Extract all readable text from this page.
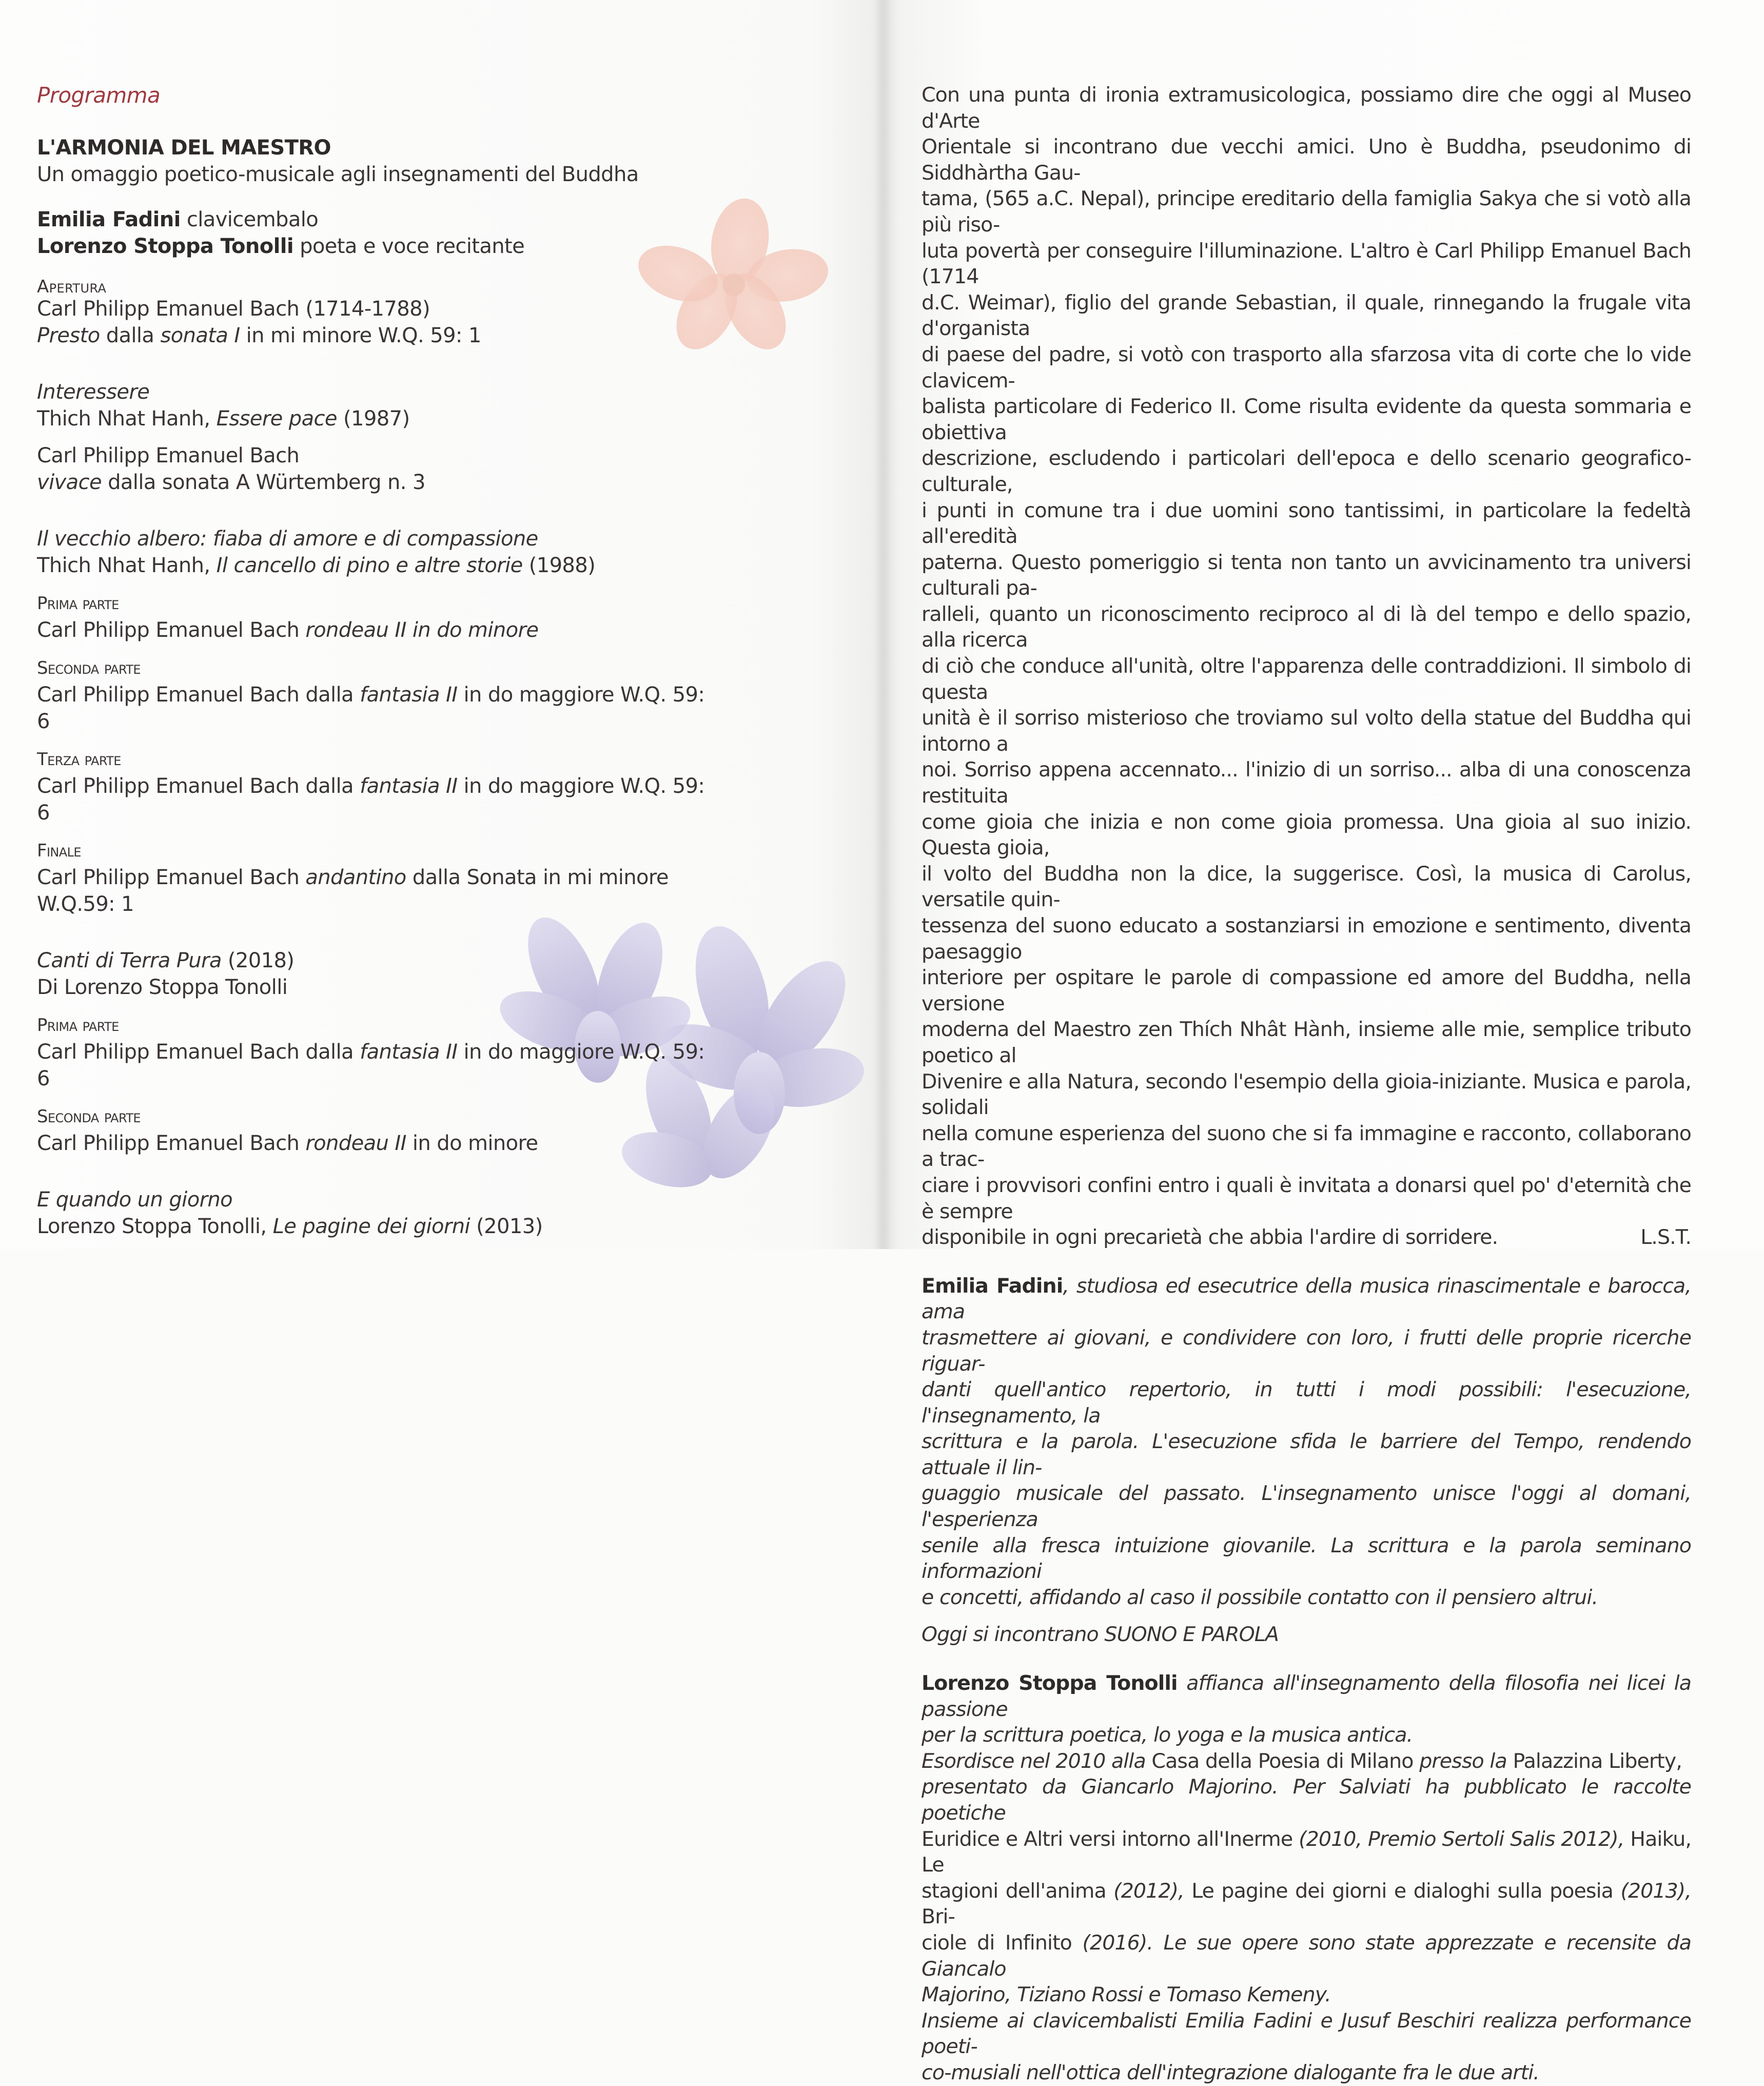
Programma

L'ARMONIA DEL MAESTRO

Un omaggio poetico-musicale agli insegnamenti del Buddha

Emilia Fadini clavicembalo

Lorenzo Stoppa Tonolli poeta e voce recitante

Apertura

Carl Philipp Emanuel Bach (1714-1788)

Presto dalla sonata I in mi minore W.Q. 59: 1

Interessere

Thich Nhat Hanh, Essere pace (1987)

Carl Philipp Emanuel Bach

vivace dalla sonata A Würtemberg n. 3

Il vecchio albero: fiaba di amore e di compassione

Thich Nhat Hanh, Il cancello di pino e altre storie (1988)

Prima parte

Carl Philipp Emanuel Bach rondeau II in do minore

Seconda parte

Carl Philipp Emanuel Bach dalla fantasia II in do maggiore W.Q. 59: 6

Terza parte

Carl Philipp Emanuel Bach dalla fantasia II in do maggiore W.Q. 59: 6

Finale

Carl Philipp Emanuel Bach andantino dalla Sonata in mi minore W.Q.59: 1

Canti di Terra Pura (2018)

Di Lorenzo Stoppa Tonolli

Prima parte

Carl Philipp Emanuel Bach dalla fantasia II in do maggiore W.Q. 59: 6

Seconda parte

Carl Philipp Emanuel Bach rondeau II in do minore

E quando un giorno

Lorenzo Stoppa Tonolli, Le pagine dei giorni (2013)

Con una punta di ironia extramusicologica, possiamo dire che oggi al Museo d'Arte

Orientale si incontrano due vecchi amici. Uno è Buddha, pseudonimo di Siddhàrtha Gau-

tama, (565 a.C. Nepal), principe ereditario della famiglia Sakya che si votò alla più riso-

luta povertà per conseguire l'illuminazione. L'altro è Carl Philipp Emanuel Bach (1714

d.C. Weimar), figlio del grande Sebastian, il quale, rinnegando la frugale vita d'organista

di paese del padre, si votò con trasporto alla sfarzosa vita di corte che lo vide clavicem-

balista particolare di Federico II. Come risulta evidente da questa sommaria e obiettiva

descrizione, escludendo i particolari dell'epoca e dello scenario geografico-culturale,

i punti in comune tra i due uomini sono tantissimi, in particolare la fedeltà all'eredità

paterna. Questo pomeriggio si tenta non tanto un avvicinamento tra universi culturali pa-

ralleli, quanto un riconoscimento reciproco al di là del tempo e dello spazio, alla ricerca

di ciò che conduce all'unità, oltre l'apparenza delle contraddizioni. Il simbolo di questa

unità è il sorriso misterioso che troviamo sul volto della statue del Buddha qui intorno a

noi. Sorriso appena accennato... l'inizio di un sorriso... alba di una conoscenza restituita

come gioia che inizia e non come gioia promessa. Una gioia al suo inizio. Questa gioia,

il volto del Buddha non la dice, la suggerisce. Così, la musica di Carolus, versatile quin-

tessenza del suono educato a sostanziarsi in emozione e sentimento, diventa paesaggio

interiore per ospitare le parole di compassione ed amore del Buddha, nella versione

moderna del Maestro zen Thích Nhât Hành, insieme alle mie, semplice tributo poetico al

Divenire e alla Natura, secondo l'esempio della gioia-iniziante. Musica e parola, solidali

nella comune esperienza del suono che si fa immagine e racconto, collaborano a trac-

ciare i provvisori confini entro i quali è invitata a donarsi quel po' d'eternità che è sempre

disponibile in ogni precarietà che abbia l'ardire di sorridere.	L.S.T.

Emilia Fadini, studiosa ed esecutrice della musica rinascimentale e barocca, ama

trasmettere ai giovani, e condividere con loro, i frutti delle proprie ricerche riguar-

danti quell'antico repertorio, in tutti i modi possibili: l'esecuzione, l'insegnamento, la

scrittura e la parola. L'esecuzione sfida le barriere del Tempo, rendendo attuale il lin-

guaggio musicale del passato. L'insegnamento unisce l'oggi al domani, l'esperienza

senile alla fresca intuizione giovanile. La scrittura e la parola seminano informazioni

e concetti, affidando al caso il possibile contatto con il pensiero altrui.

Oggi si incontrano SUONO E PAROLA

Lorenzo Stoppa Tonolli affianca all'insegnamento della filosofia nei licei la passione

per la scrittura poetica, lo yoga e la musica antica.

Esordisce nel 2010 alla Casa della Poesia di Milano presso la Palazzina Liberty,

presentato da Giancarlo Majorino. Per Salviati ha pubblicato le raccolte poetiche

Euridice e Altri versi intorno all'Inerme (2010, Premio Sertoli Salis 2012), Haiku, Le

stagioni dell'anima (2012), Le pagine dei giorni e dialoghi sulla poesia (2013), Bri-

ciole di Infinito (2016). Le sue opere sono state apprezzate e recensite da Giancalo

Majorino, Tiziano Rossi e Tomaso Kemeny.

Insieme ai clavicembalisti Emilia Fadini e Jusuf Beschiri realizza performance poeti-

co-musiali nell'ottica dell'integrazione dialogante fra le due arti.
